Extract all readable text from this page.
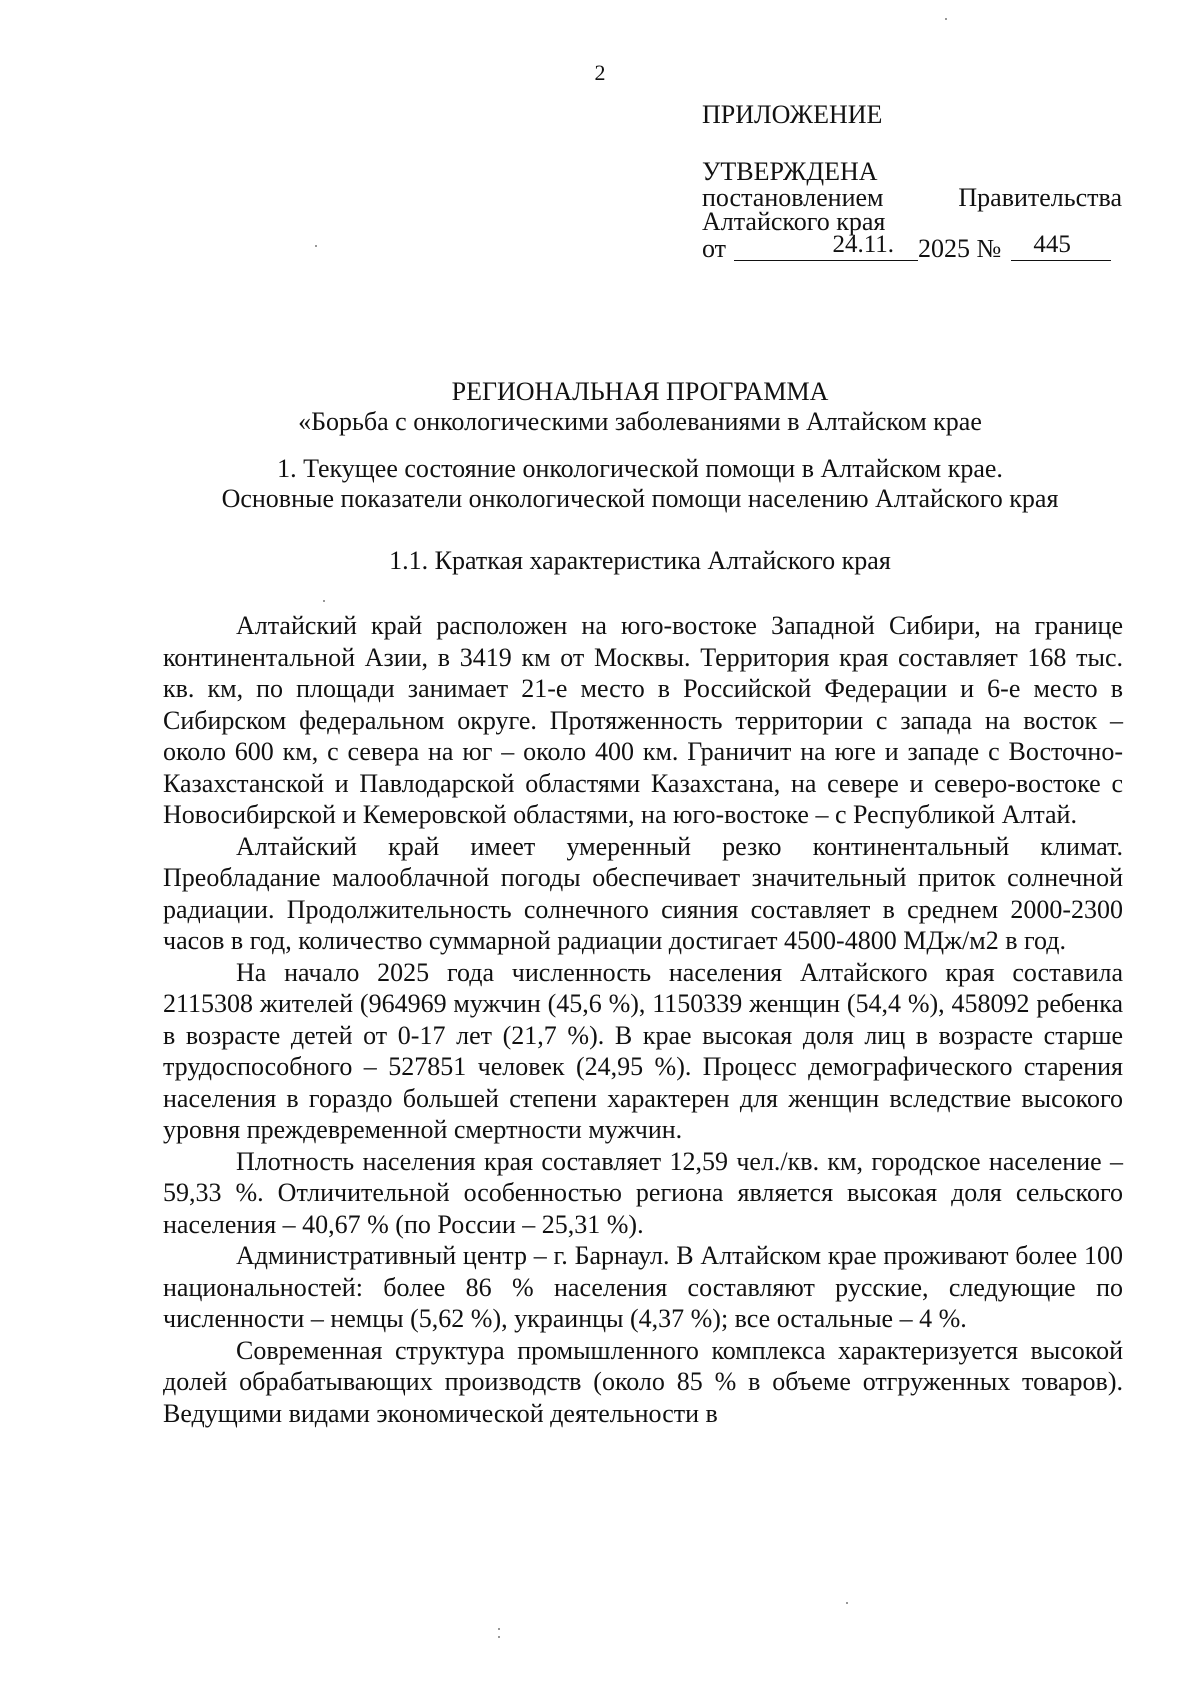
2
ПРИЛОЖЕНИЕ
УТВЕРЖДЕНА
постановлением	Правительства
Алтайского края
от	24.11. 2025 № 445
РЕГИОНАЛЬНАЯ ПРОГРАММА
«Борьба с онкологическими заболеваниями в Алтайском крае
1. Текущее состояние онкологической помощи в Алтайском крае.
Основные показатели онкологической помощи населению Алтайского края
1.1. Краткая характеристика Алтайского края

Алтайский край расположен на юго-востоке Западной Сибири, на границе континентальной Азии, в 3419 км от Москвы. Территория края составляет 168 тыс. кв. км, по площади занимает 21-е место в Российской Федерации и 6-е место в Сибирском федеральном округе. Протяженность территории с запада на восток – около 600 км, с севера на юг – около 400 км. Граничит на юге и западе с Восточно-Казахстанской и Павлодарской областями Казахстана, на севере и северо-востоке с Новосибирской и Кемеровской областями, на юго-востоке – с Республикой Алтай.

Алтайский край имеет умеренный резко континентальный климат. Преобладание малооблачной погоды обеспечивает значительный приток солнечной радиации. Продолжительность солнечного сияния составляет в среднем 2000-2300 часов в год, количество суммарной радиации достигает 4500-4800 МДж/м2 в год.

На начало 2025 года численность населения Алтайского края составила 2115308 жителей (964969 мужчин (45,6 %), 1150339 женщин (54,4 %), 458092 ребенка в возрасте детей от 0-17 лет (21,7 %). В крае высокая доля лиц в возрасте старше трудоспособного – 527851 человек (24,95 %). Процесс демографического старения населения в гораздо большей степени характерен для женщин вследствие высокого уровня преждевременной смертности мужчин.

Плотность населения края составляет 12,59 чел./кв. км, городское население – 59,33 %. Отличительной особенностью региона является высокая доля сельского населения – 40,67 % (по России – 25,31 %).

Административный центр – г. Барнаул. В Алтайском крае проживают более 100 национальностей: более 86 % населения составляют русские, следующие по численности – немцы (5,62 %), украинцы (4,37 %); все остальные – 4 %.

Современная структура промышленного комплекса характеризуется высокой долей обрабатывающих производств (около 85 % в объеме отгруженных товаров). Ведущими видами экономической деятельности в
